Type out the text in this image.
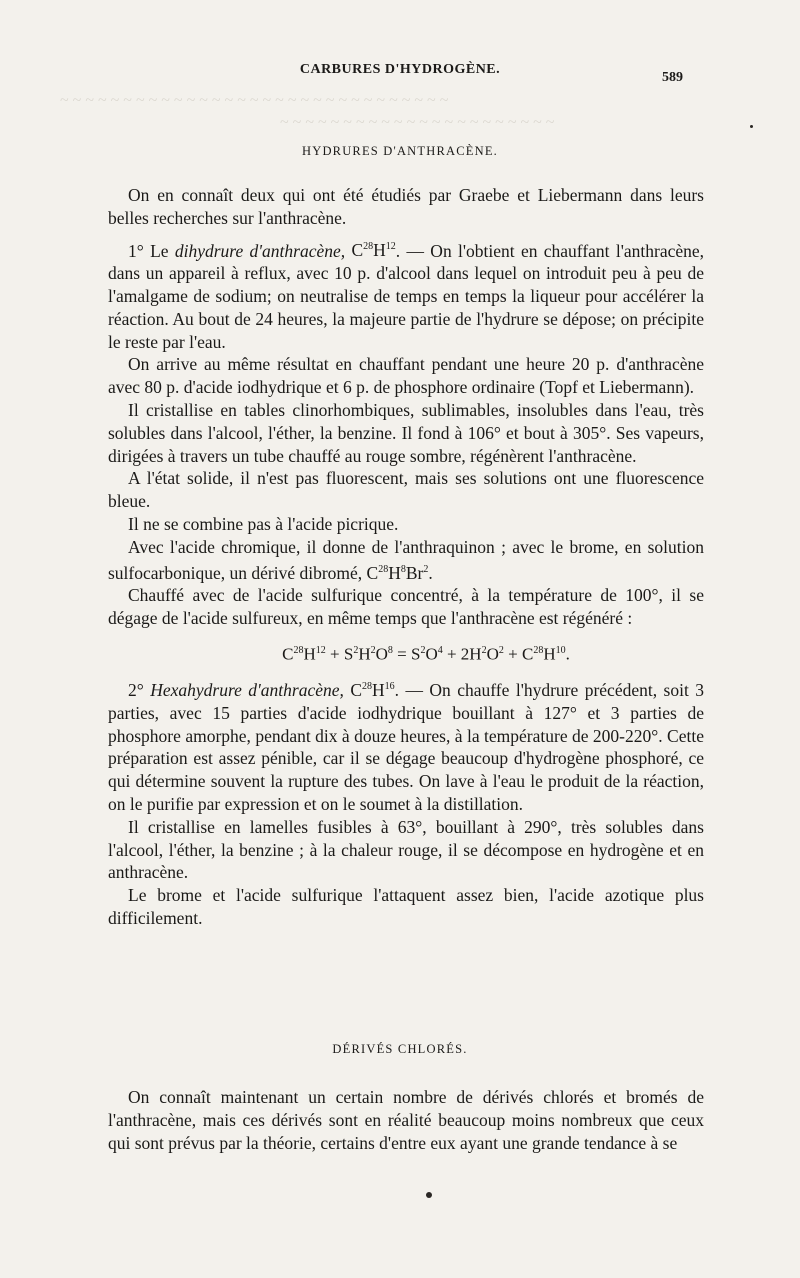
~ ~ ~ ~ ~ ~ ~ ~ ~ ~ ~ ~ ~ ~ ~ ~ ~ ~ ~ ~ ~ ~ ~ ~ ~ ~ ~ ~ ~ ~ ~
~ ~ ~ ~ ~ ~ ~ ~ ~ ~ ~ ~ ~ ~ ~ ~ ~ ~ ~ ~ ~ ~
CARBURES D'HYDROGÈNE.
589
HYDRURES D'ANTHRACÈNE.

On en connaît deux qui ont été étudiés par Graebe et Liebermann dans leurs belles recherches sur l'anthracène.

1° Le dihydrure d'anthracène, $C^{28}H^{12}$. — On l'obtient en chauffant l'anthracène, dans un appareil à reflux, avec 10 p. d'alcool dans lequel on introduit peu à peu de l'amalgame de sodium; on neutralise de temps en temps la liqueur pour accélérer la réaction. Au bout de 24 heures, la majeure partie de l'hydrure se dépose; on précipite le reste par l'eau.

On arrive au même résultat en chauffant pendant une heure 20 p. d'anthracène avec 80 p. d'acide iodhydrique et 6 p. de phosphore ordinaire (Topf et Liebermann).

Il cristallise en tables clinorhombiques, sublimables, insolubles dans l'eau, très solubles dans l'alcool, l'éther, la benzine. Il fond à 106° et bout à 305°. Ses vapeurs, dirigées à travers un tube chauffé au rouge sombre, régénèrent l'anthracène.

A l'état solide, il n'est pas fluorescent, mais ses solutions ont une fluorescence bleue.

Il ne se combine pas à l'acide picrique.

Avec l'acide chromique, il donne de l'anthraquinon ; avec le brome, en solution sulfocarbonique, un dérivé dibromé, $C^{28}H^8Br^2$.

Chauffé avec de l'acide sulfurique concentré, à la température de 100°, il se dégage de l'acide sulfureux, en même temps que l'anthracène est régénéré :

$C^{28}H^{12} + S^2H^2O^8 = S^2O^4 + 2H^2O^2 + C^{28}H^{10}$.

2° Hexahydrure d'anthracène, $C^{28}H^{16}$. — On chauffe l'hydrure précédent, soit 3 parties, avec 15 parties d'acide iodhydrique bouillant à 127° et 3 parties de phosphore amorphe, pendant dix à douze heures, à la température de 200-220°. Cette préparation est assez pénible, car il se dégage beaucoup d'hydrogène phosphoré, ce qui détermine souvent la rupture des tubes. On lave à l'eau le produit de la réaction, on le purifie par expression et on le soumet à la distillation.

Il cristallise en lamelles fusibles à 63°, bouillant à 290°, très solubles dans l'alcool, l'éther, la benzine ; à la chaleur rouge, il se décompose en hydrogène et en anthracène.

Le brome et l'acide sulfurique l'attaquent assez bien, l'acide azotique plus difficilement.

DÉRIVÉS CHLORÉS.

On connaît maintenant un certain nombre de dérivés chlorés et bromés de l'anthracène, mais ces dérivés sont en réalité beaucoup moins nombreux que ceux qui sont prévus par la théorie, certains d'entre eux ayant une grande tendance à se
